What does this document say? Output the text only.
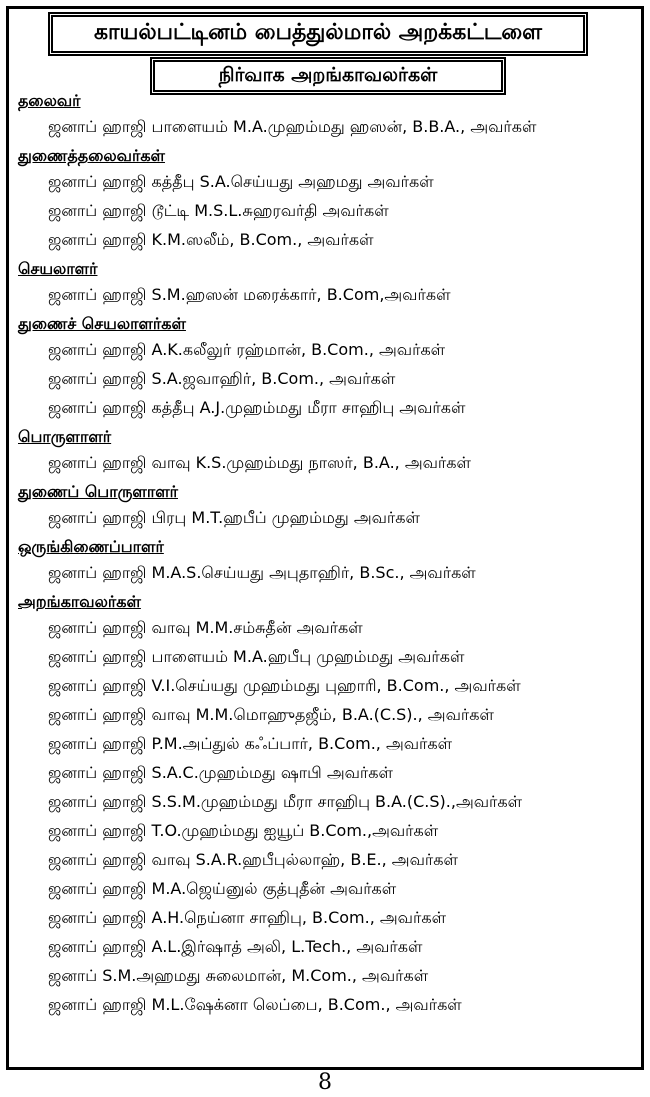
காயல்பட்டினம் பைத்துல்மால் அறக்கட்டளை
நிர்வாக அறங்காவலர்கள்
தலைவர்
ஜனாப் ஹாஜி பாளையம் M.A.முஹம்மது ஹஸன், B.B.A., அவர்கள்
துணைத்தலைவர்கள்
ஜனாப் ஹாஜி கத்தீபு S.A.செய்யது அஹமது அவர்கள்
ஜனாப் ஹாஜி டூட்டி M.S.L.சுஹரவர்தி அவர்கள்
ஜனாப் ஹாஜி K.M.ஸலீம், B.Com., அவர்கள்
செயலாளர்
ஜனாப் ஹாஜி S.M.ஹஸன் மரைக்கார், B.Com,அவர்கள்
துணைச் செயலாளர்கள்
ஜனாப் ஹாஜி A.K.கலீலுர் ரஹ்மான், B.Com., அவர்கள்
ஜனாப் ஹாஜி S.A.ஜவாஹிர், B.Com., அவர்கள்
ஜனாப் ஹாஜி கத்தீபு A.J.முஹம்மது மீரா சாஹிபு அவர்கள்
பொருளாளர்
ஜனாப் ஹாஜி வாவு K.S.முஹம்மது நாஸர், B.A., அவர்கள்
துணைப் பொருளாளர்
ஜனாப் ஹாஜி பிரபு M.T.ஹபீப் முஹம்மது அவர்கள்
ஒருங்கிணைப்பாளர்
ஜனாப் ஹாஜி M.A.S.செய்யது அபுதாஹிர், B.Sc., அவர்கள்
அறங்காவலர்கள்
ஜனாப் ஹாஜி வாவு M.M.சம்சுதீன் அவர்கள்
ஜனாப் ஹாஜி பாளையம் M.A.ஹபீபு முஹம்மது அவர்கள்
ஜனாப் ஹாஜி V.I.செய்யது முஹம்மது புஹாரி, B.Com., அவர்கள்
ஜனாப் ஹாஜி வாவு M.M.மொஹுதஜீம், B.A.(C.S)., அவர்கள்
ஜனாப் ஹாஜி P.M.அப்துல் கஃப்பார், B.Com., அவர்கள்
ஜனாப் ஹாஜி S.A.C.முஹம்மது ஷாபி அவர்கள்
ஜனாப் ஹாஜி S.S.M.முஹம்மது மீரா சாஹிபு B.A.(C.S).,அவர்கள்
ஜனாப் ஹாஜி T.O.முஹம்மது ஐயூப் B.Com.,அவர்கள்
ஜனாப் ஹாஜி வாவு S.A.R.ஹபீபுல்லாஹ், B.E., அவர்கள்
ஜனாப் ஹாஜி M.A.ஜெய்னுல் குத்புதீன் அவர்கள்
ஜனாப் ஹாஜி A.H.நெய்னா சாஹிபு, B.Com., அவர்கள்
ஜனாப் ஹாஜி A.L.இர்ஷாத் அலி, L.Tech., அவர்கள்
ஜனாப் S.M.அஹமது சுலைமான், M.Com., அவர்கள்
ஜனாப் ஹாஜி M.L.ஷேக்னா லெப்பை, B.Com., அவர்கள்
8
